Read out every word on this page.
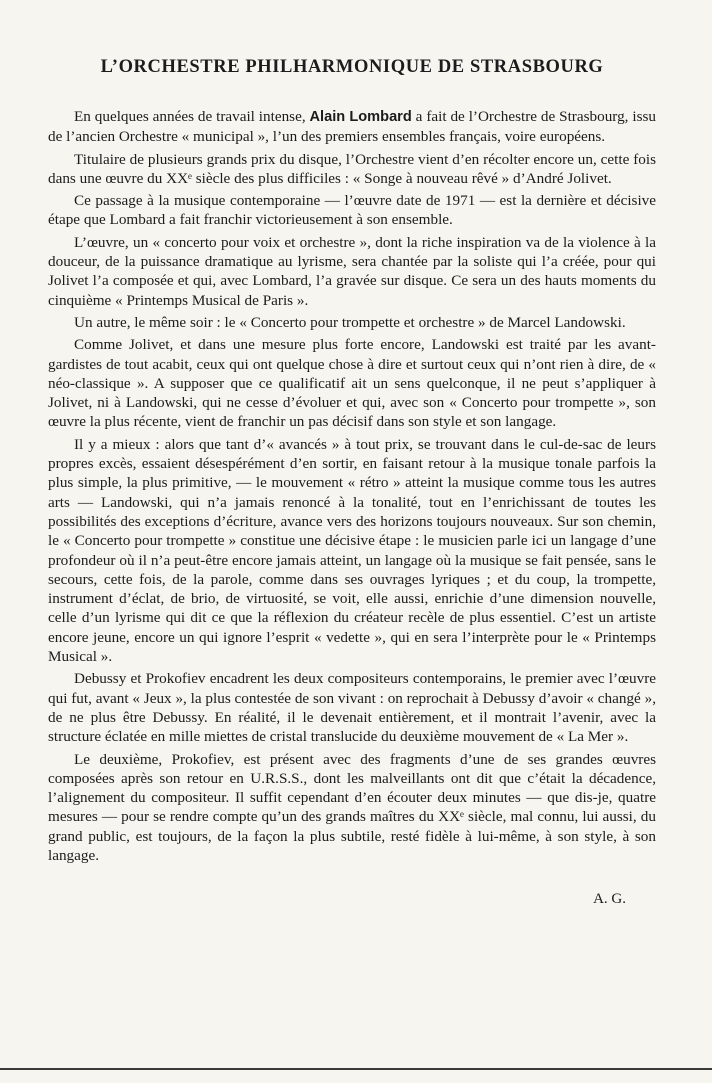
L’ORCHESTRE PHILHARMONIQUE DE STRASBOURG

En quelques années de travail intense, Alain Lombard a fait de l’Orchestre de Strasbourg, issu de l’ancien Orchestre « municipal », l’un des premiers ensembles français, voire européens.

Titulaire de plusieurs grands prix du disque, l’Orchestre vient d’en récolter encore un, cette fois dans une œuvre du XXᵉ siècle des plus difficiles : « Songe à nouveau rêvé » d’André Jolivet.

Ce passage à la musique contemporaine — l’œuvre date de 1971 — est la dernière et décisive étape que Lombard a fait franchir victorieusement à son ensemble.

L’œuvre, un « concerto pour voix et orchestre », dont la riche inspiration va de la violence à la douceur, de la puissance dramatique au lyrisme, sera chantée par la soliste qui l’a créée, pour qui Jolivet l’a composée et qui, avec Lombard, l’a gravée sur disque. Ce sera un des hauts moments du cinquième « Printemps Musical de Paris ».

Un autre, le même soir : le « Concerto pour trompette et orchestre » de Marcel Landowski.

Comme Jolivet, et dans une mesure plus forte encore, Landowski est traité par les avant-gardistes de tout acabit, ceux qui ont quelque chose à dire et surtout ceux qui n’ont rien à dire, de « néo-classique ». A supposer que ce qualificatif ait un sens quelconque, il ne peut s’appliquer à Jolivet, ni à Landowski, qui ne cesse d’évoluer et qui, avec son « Concerto pour trompette », son œuvre la plus récente, vient de franchir un pas décisif dans son style et son langage.

Il y a mieux : alors que tant d’« avancés » à tout prix, se trouvant dans le cul-de-sac de leurs propres excès, essaient désespérément d’en sortir, en faisant retour à la musique tonale parfois la plus simple, la plus primitive, — le mouvement « rétro » atteint la musique comme tous les autres arts — Landowski, qui n’a jamais renoncé à la tonalité, tout en l’enrichissant de toutes les possibilités des exceptions d’écriture, avance vers des horizons toujours nouveaux. Sur son chemin, le « Concerto pour trompette » constitue une décisive étape : le musicien parle ici un langage d’une profondeur où il n’a peut-être encore jamais atteint, un langage où la musique se fait pensée, sans le secours, cette fois, de la parole, comme dans ses ouvrages lyriques ; et du coup, la trompette, instrument d’éclat, de brio, de virtuosité, se voit, elle aussi, enrichie d’une dimension nouvelle, celle d’un lyrisme qui dit ce que la réflexion du créateur recèle de plus essentiel. C’est un artiste encore jeune, encore un qui ignore l’esprit « vedette », qui en sera l’interprète pour le « Printemps Musical ».

Debussy et Prokofiev encadrent les deux compositeurs contemporains, le premier avec l’œuvre qui fut, avant « Jeux », la plus contestée de son vivant : on reprochait à Debussy d’avoir « changé », de ne plus être Debussy. En réalité, il le devenait entièrement, et il montrait l’avenir, avec la structure éclatée en mille miettes de cristal translucide du deuxième mouvement de « La Mer ».

Le deuxième, Prokofiev, est présent avec des fragments d’une de ses grandes œuvres composées après son retour en U.R.S.S., dont les malveillants ont dit que c’était la décadence, l’alignement du compositeur. Il suffit cependant d’en écouter deux minutes — que dis-je, quatre mesures — pour se rendre compte qu’un des grands maîtres du XXᵉ siècle, mal connu, lui aussi, du grand public, est toujours, de la façon la plus subtile, resté fidèle à lui-même, à son style, à son langage.

A. G.
